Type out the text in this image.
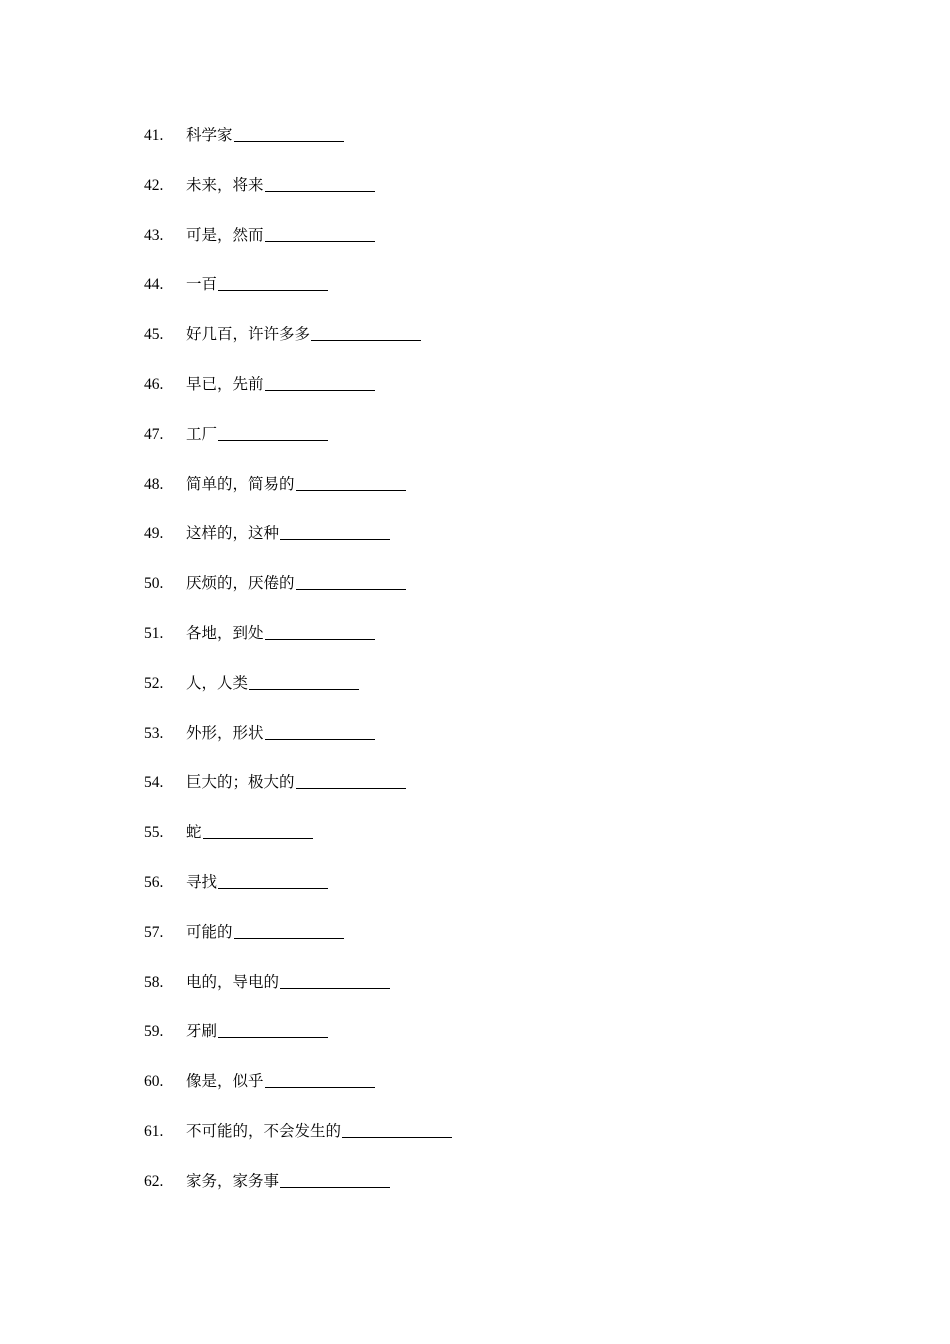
41.	科学家
42.	未来，将来
43.	可是，然而
44.	一百
45.	好几百，许许多多
46.	早已，先前
47.	工厂
48.	简单的，简易的
49.	这样的，这种
50.	厌烦的，厌倦的
51.	各地，到处
52.	人，人类
53.	外形，形状
54.	巨大的；极大的
55.	蛇
56.	寻找
57.	可能的
58.	电的，导电的
59.	牙刷
60.	像是，似乎
61.	不可能的，不会发生的
62.	家务，家务事
